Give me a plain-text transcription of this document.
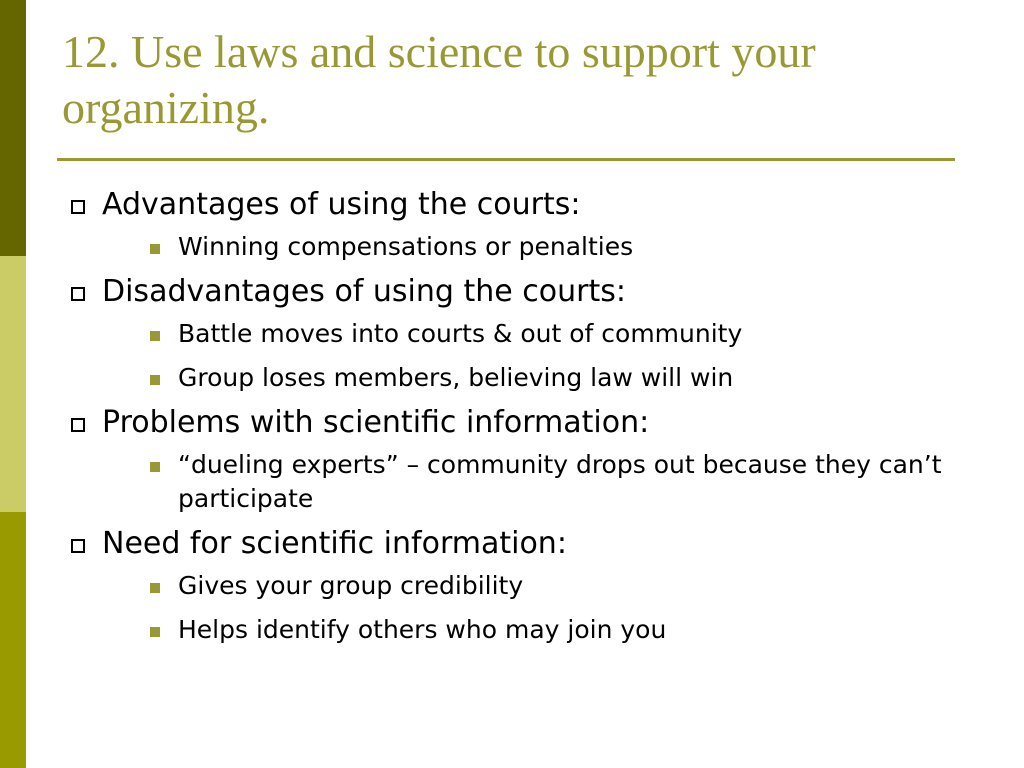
12. Use laws and science to support your organizing.
Advantages of using the courts:
Winning compensations or penalties
Disadvantages of using the courts:
Battle moves into courts & out of community
Group loses members, believing law will win
Problems with scientific information:
“dueling experts” – community drops out because they can’t participate
Need for scientific information:
Gives your group credibility
Helps identify others who may join you
